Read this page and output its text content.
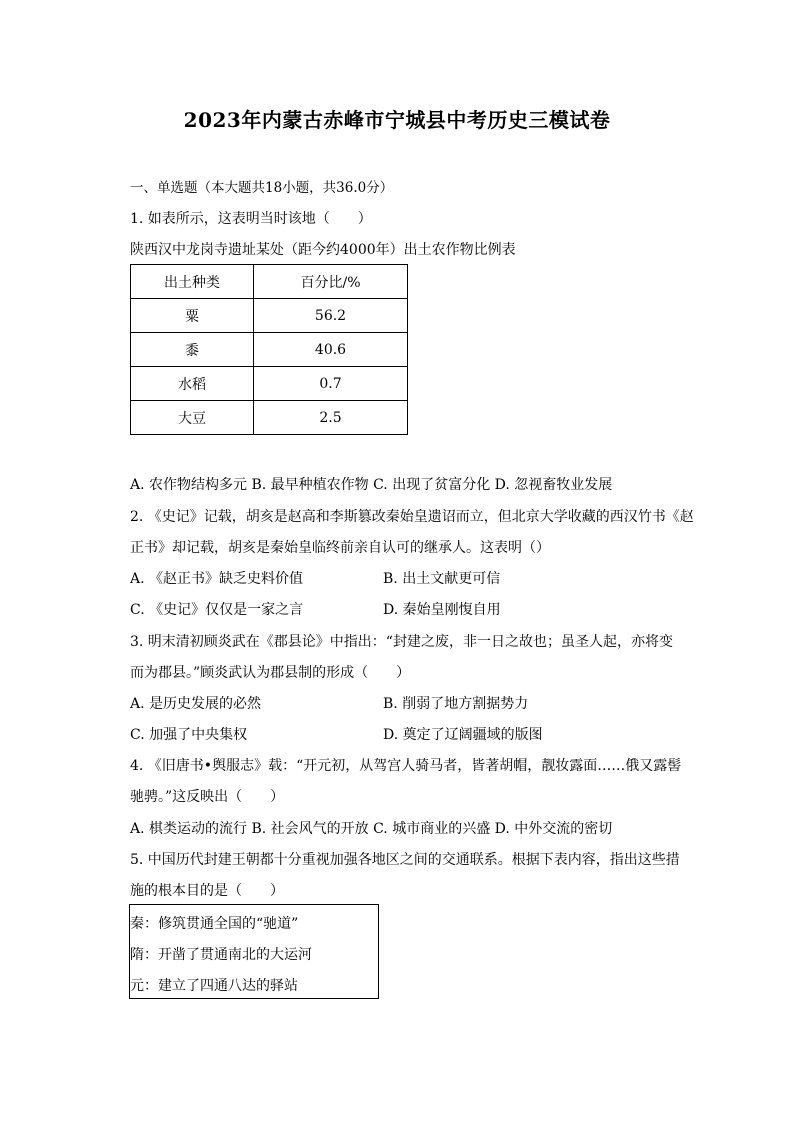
2023年内蒙古赤峰市宁城县中考历史三模试卷
一、单选题（本大题共18小题，共36.0分）
1. 如表所示，这表明当时该地（　　）
陕西汉中龙岗寺遗址某处（距今约4000年）出土农作物比例表
出土种类	百分比/%
粟	56.2
黍	40.6
水稻	0.7
大豆	2.5
A. 农作物结构多元 B. 最早种植农作物 C. 出现了贫富分化 D. 忽视畜牧业发展
2. 《史记》记载，胡亥是赵高和李斯篡改秦始皇遗诏而立，但北京大学收藏的西汉竹书《赵
正书》却记载，胡亥是秦始皇临终前亲自认可的继承人。这表明（）
A. 《赵正书》缺乏史料价值	B. 出土文献更可信
C. 《史记》仅仅是一家之言	D. 秦始皇刚愎自用
3. 明末清初顾炎武在《郡县论》中指出：“封建之废，非一日之故也；虽圣人起，亦将变
而为郡县。”顾炎武认为郡县制的形成（　　）
A. 是历史发展的必然	B. 削弱了地方割据势力
C. 加强了中央集权	D. 奠定了辽阔疆域的版图
4. 《旧唐书•舆服志》载：“开元初，从驾宫人骑马者，皆著胡帽，靓妆露面……俄又露髻
驰骋。”这反映出（　　）
A. 棋类运动的流行 B. 社会风气的开放 C. 城市商业的兴盛 D. 中外交流的密切
5. 中国历代封建王朝都十分重视加强各地区之间的交通联系。根据下表内容，指出这些措
施的根本目的是（　　）
秦：修筑贯通全国的“驰道”
隋：开凿了贯通南北的大运河
元：建立了四通八达的驿站
